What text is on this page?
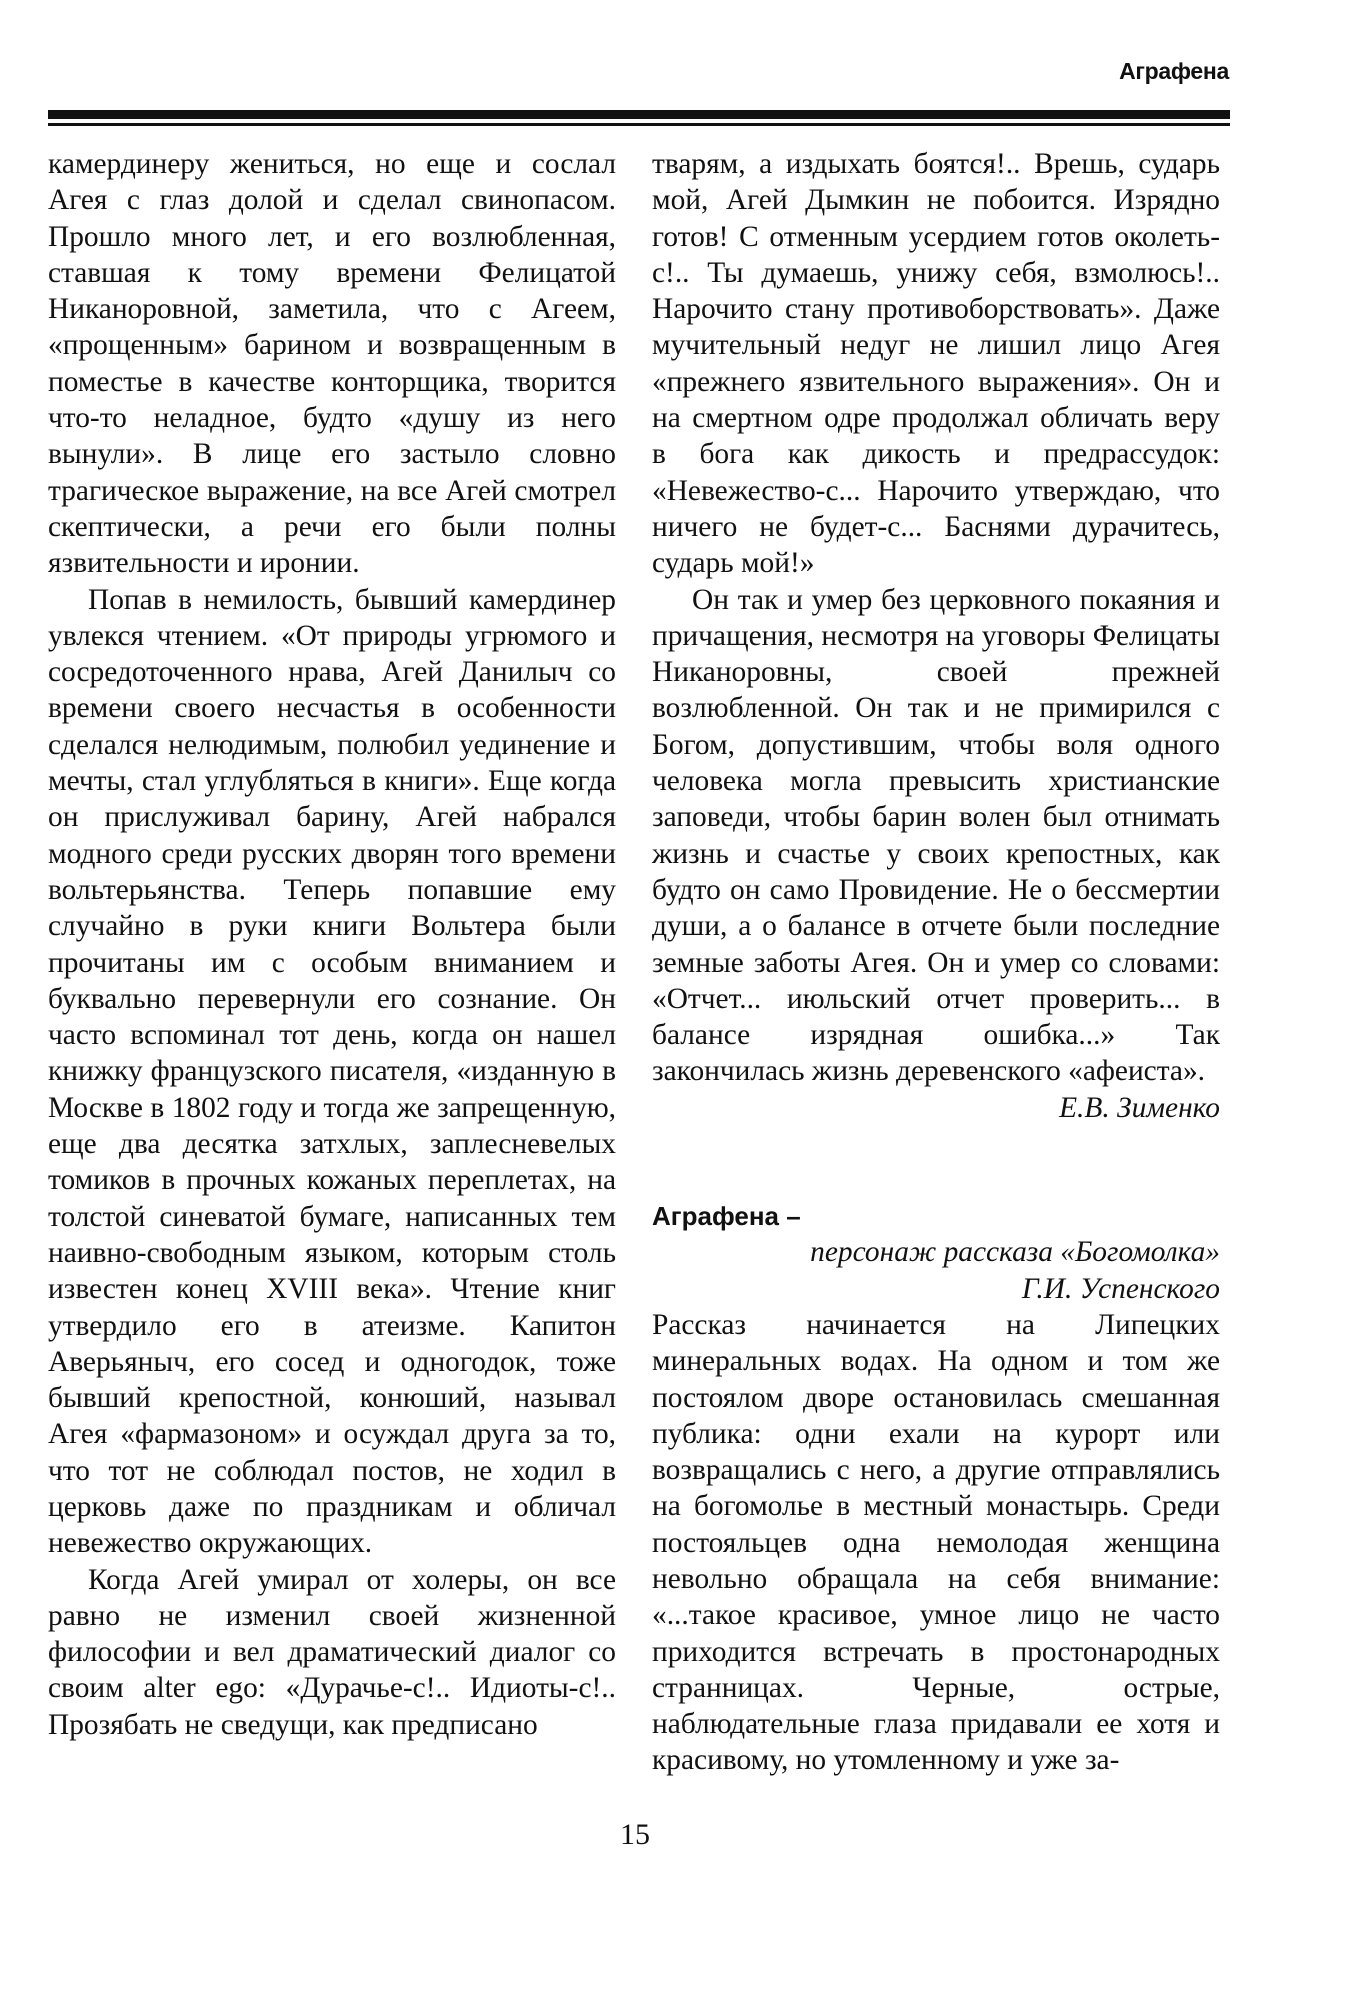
Аграфена

камердинеру жениться, но еще и сослал Агея с глаз долой и сделал свинопасом. Прошло много лет, и его возлюбленная, ставшая к тому времени Фелицатой Никаноровной, заметила, что с Агеем, «прощенным» барином и возвращенным в поместье в качестве конторщика, творится что-то неладное, будто «душу из него вынули». В лице его застыло словно трагическое выражение, на все Агей смотрел скептически, а речи его были полны язвительности и иронии.

Попав в немилость, бывший камердинер увлекся чтением. «От природы угрюмого и сосредоточенного нрава, Агей Данилыч со времени своего несчастья в особенности сделался нелюдимым, полюбил уединение и мечты, стал углубляться в книги». Еще когда он прислуживал барину, Агей набрался модного среди русских дворян того времени вольтерьянства. Теперь попавшие ему случайно в руки книги Вольтера были прочитаны им с особым вниманием и буквально перевернули его сознание. Он часто вспоминал тот день, когда он нашел книжку французского писателя, «изданную в Москве в 1802 году и тогда же запрещенную, еще два десятка затхлых, заплесневелых томиков в прочных кожаных переплетах, на толстой синеватой бумаге, написанных тем наивно-свободным языком, которым столь известен конец XVIII века». Чтение книг утвердило его в атеизме. Капитон Аверьяныч, его сосед и одногодок, тоже бывший крепостной, конюший, называл Агея «фармазоном» и осуждал друга за то, что тот не соблюдал постов, не ходил в церковь даже по праздникам и обличал невежество окружающих.

Когда Агей умирал от холеры, он все равно не изменил своей жизненной философии и вел драматический диалог со своим alter ego: «Дурачье-с!.. Идиоты-с!.. Прозябать не сведущи, как предписано

тварям, а издыхать боятся!.. Врешь, сударь мой, Агей Дымкин не побоится. Изрядно готов! С отменным усердием готов околеть-с!.. Ты думаешь, унижу себя, взмолюсь!.. Нарочито стану противоборствовать». Даже мучительный недуг не лишил лицо Агея «прежнего язвительного выражения». Он и на смертном одре продолжал обличать веру в бога как дикость и предрассудок: «Невежество-с... Нарочито утверждаю, что ничего не будет-с... Баснями дурачитесь, сударь мой!»

Он так и умер без церковного покаяния и причащения, несмотря на уговоры Фелицаты Никаноровны, своей прежней возлюбленной. Он так и не примирился с Богом, допустившим, чтобы воля одного человека могла превысить христианские заповеди, чтобы барин волен был отнимать жизнь и счастье у своих крепостных, как будто он само Провидение. Не о бессмертии души, а о балансе в отчете были последние земные заботы Агея. Он и умер со словами: «Отчет... июльский отчет проверить... в балансе изрядная ошибка...» Так закончилась жизнь деревенского «афеиста».

Е.В. Зименко
Аграфена –
персонаж рассказа «Богомолка»
Г.И. Успенского

Рассказ начинается на Липецких минеральных водах. На одном и том же постоялом дворе остановилась смешанная публика: одни ехали на курорт или возвращались с него, а другие отправлялись на богомолье в местный монастырь. Среди постояльцев одна немолодая женщина невольно обращала на себя внимание: «...такое красивое, умное лицо не часто приходится встречать в простонародных странницах. Черные, острые, наблюдательные глаза придавали ее хотя и красивому, но утомленному и уже за-

15
